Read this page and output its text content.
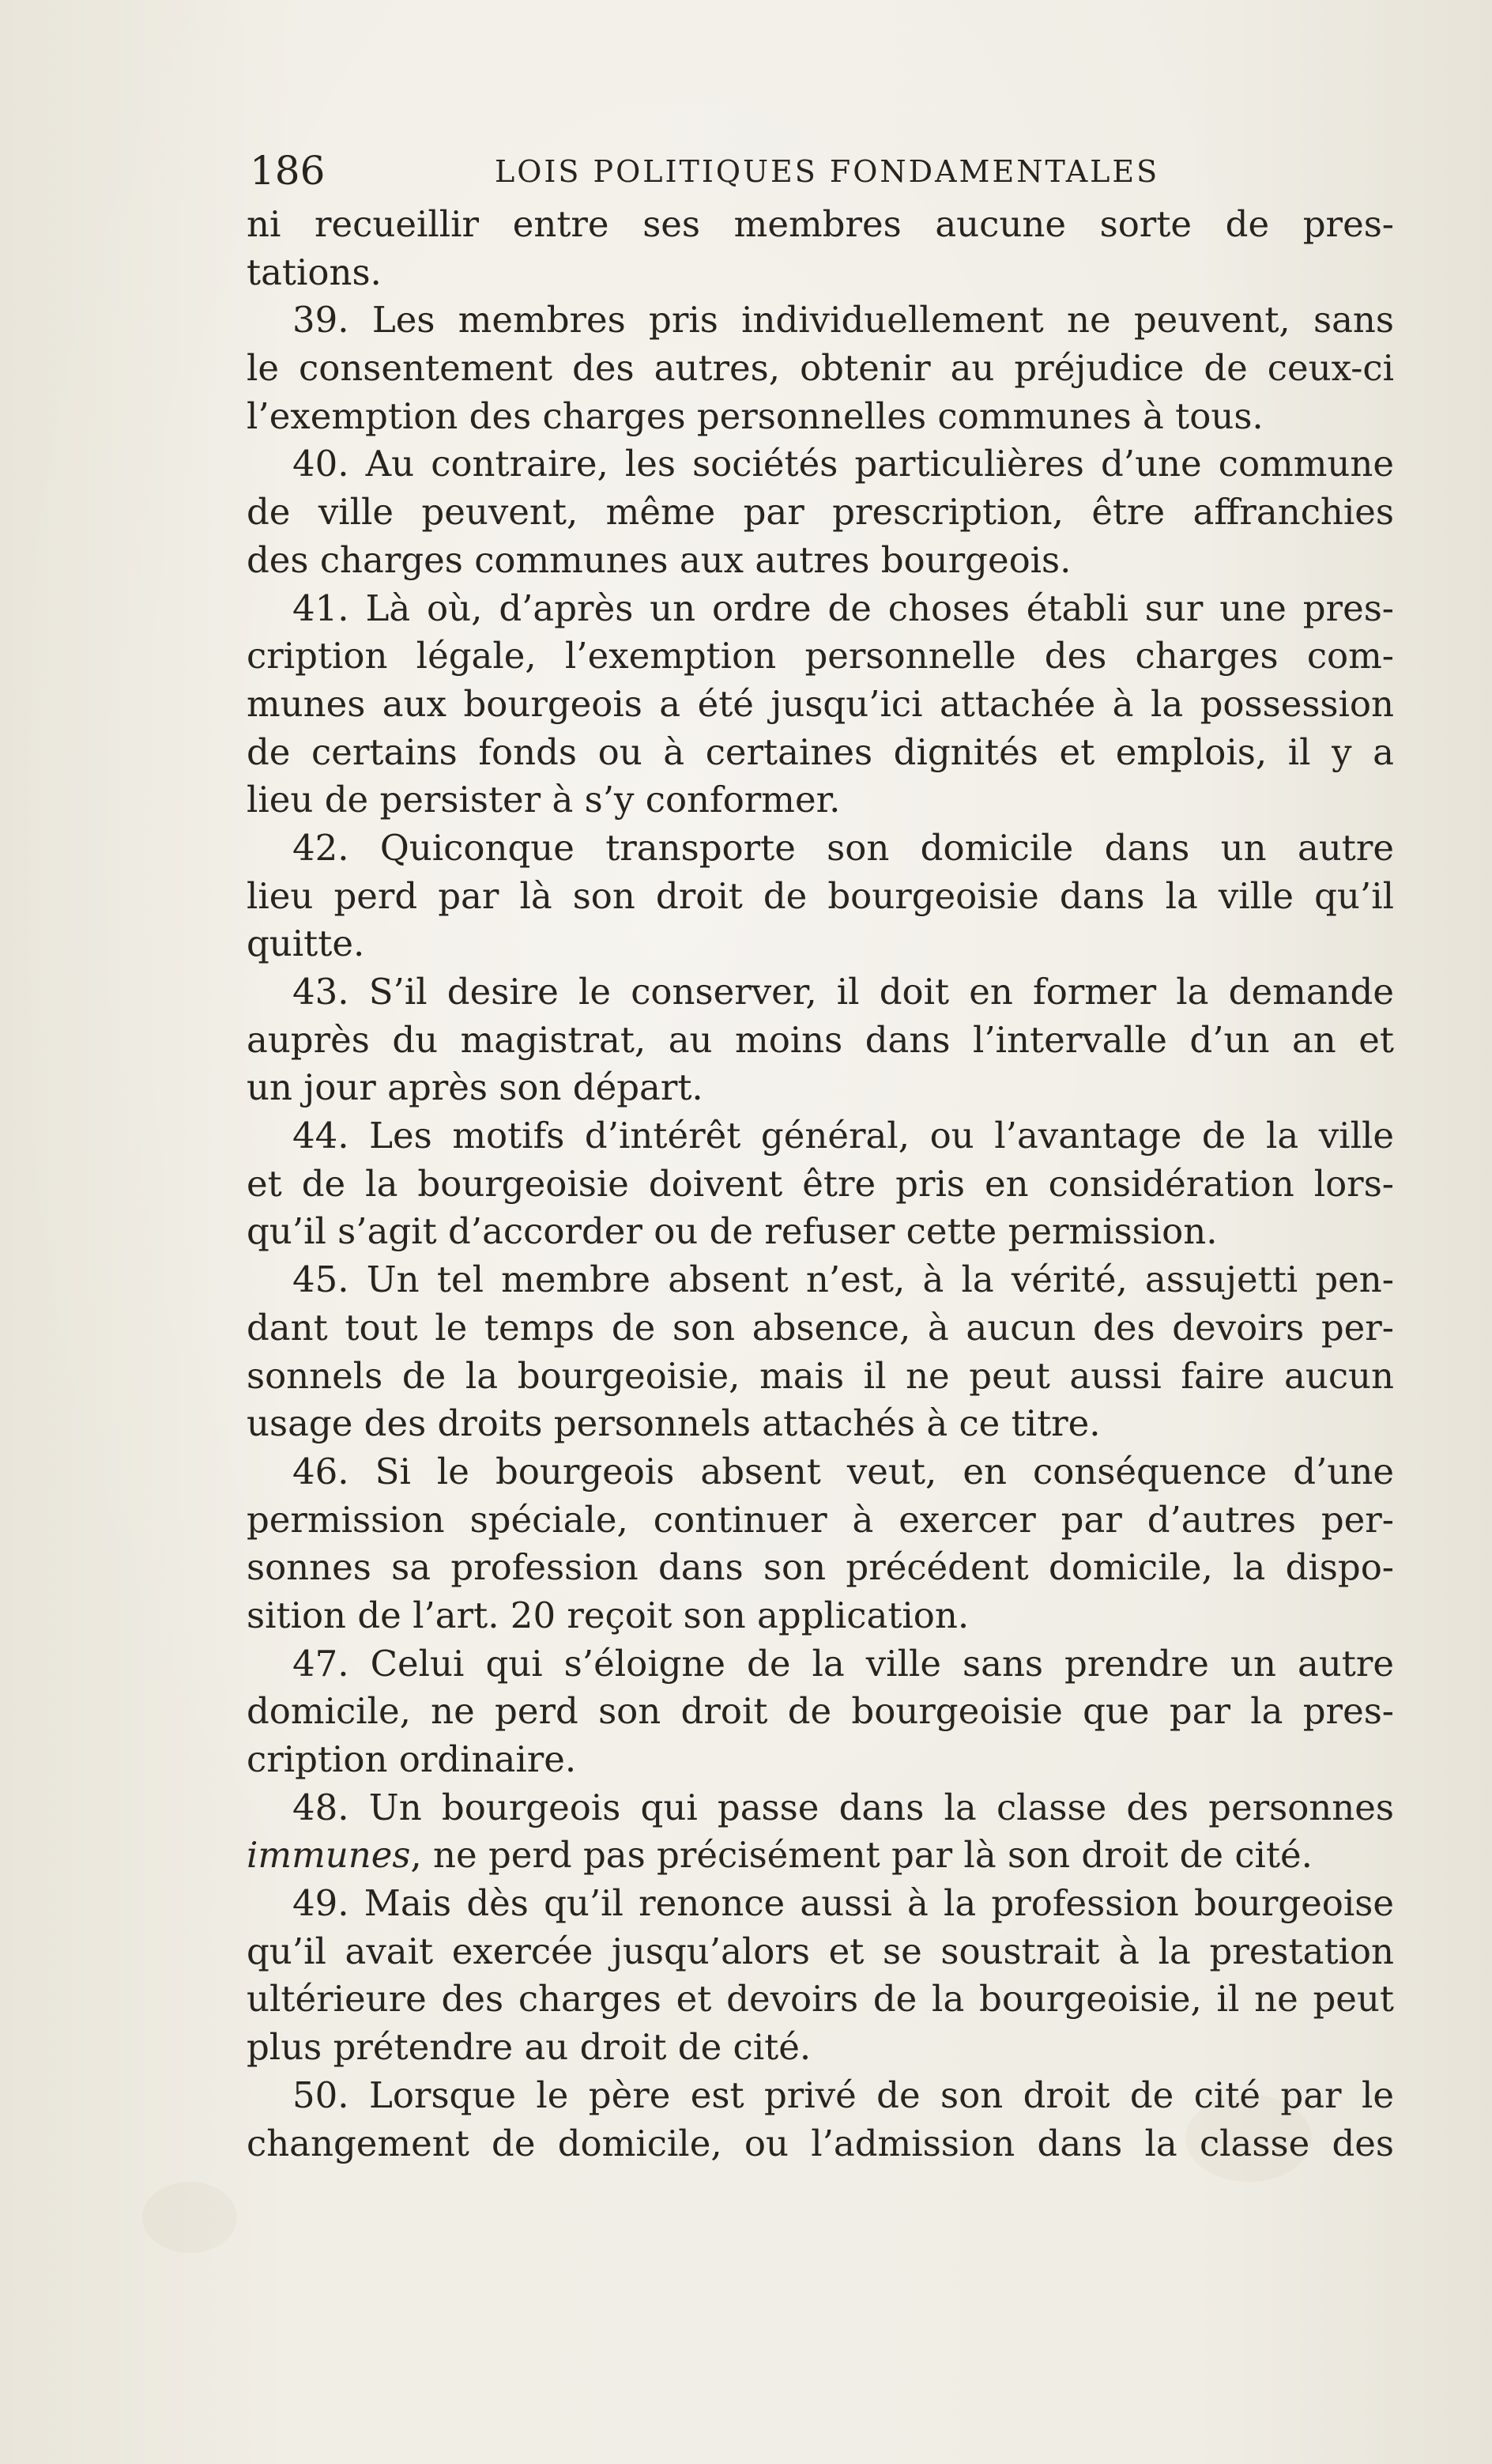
186	LOIS POLITIQUES FONDAMENTALES
ni recueillir entre ses membres aucune sorte de pres-
tations.
39. Les membres pris individuellement ne peuvent, sans
le consentement des autres, obtenir au préjudice de ceux-ci
l’exemption des charges personnelles communes à tous.
40. Au contraire, les sociétés particulières d’une commune
de ville peuvent, même par prescription, être affranchies
des charges communes aux autres bourgeois.
41. Là où, d’après un ordre de choses établi sur une pres-
cription légale, l’exemption personnelle des charges com-
munes aux bourgeois a été jusqu’ici attachée à la possession
de certains fonds ou à certaines dignités et emplois, il y a
lieu de persister à s’y conformer.
42. Quiconque transporte son domicile dans un autre
lieu perd par là son droit de bourgeoisie dans la ville qu’il
quitte.
43. S’il desire le conserver, il doit en former la demande
auprès du magistrat, au moins dans l’intervalle d’un an et
un jour après son départ.
44. Les motifs d’intérêt général, ou l’avantage de la ville
et de la bourgeoisie doivent être pris en considération lors-
qu’il s’agit d’accorder ou de refuser cette permission.
45. Un tel membre absent n’est, à la vérité, assujetti pen-
dant tout le temps de son absence, à aucun des devoirs per-
sonnels de la bourgeoisie, mais il ne peut aussi faire aucun
usage des droits personnels attachés à ce titre.
46. Si le bourgeois absent veut, en conséquence d’une
permission spéciale, continuer à exercer par d’autres per-
sonnes sa profession dans son précédent domicile, la dispo-
sition de l’art. 20 reçoit son application.
47. Celui qui s’éloigne de la ville sans prendre un autre
domicile, ne perd son droit de bourgeoisie que par la pres-
cription ordinaire.
48. Un bourgeois qui passe dans la classe des personnes
immunes, ne perd pas précisément par là son droit de cité.
49. Mais dès qu’il renonce aussi à la profession bourgeoise
qu’il avait exercée jusqu’alors et se soustrait à la prestation
ultérieure des charges et devoirs de la bourgeoisie, il ne peut
plus prétendre au droit de cité.
50. Lorsque le père est privé de son droit de cité par le
changement de domicile, ou l’admission dans la classe des
